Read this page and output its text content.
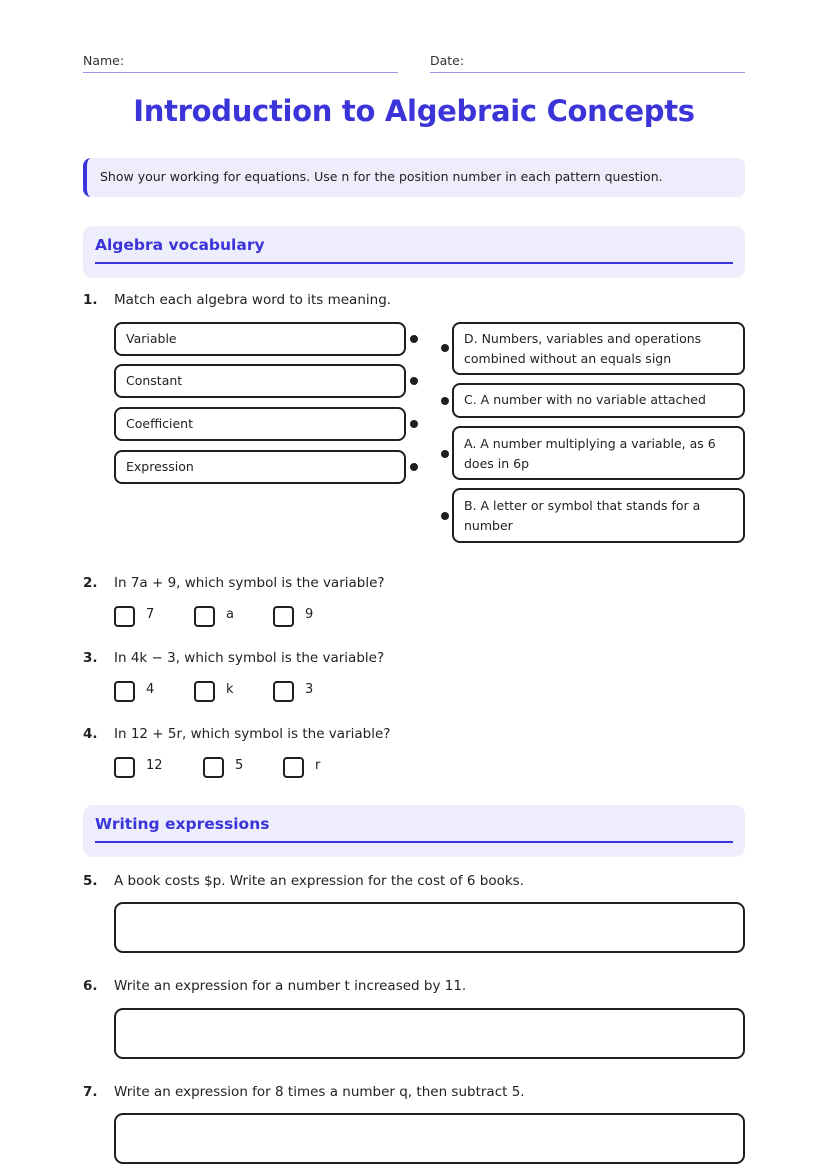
Name:	Date:
Introduction to Algebraic Concepts
Show your working for equations. Use n for the position number in each pattern question.
Algebra vocabulary
1. Match each algebra word to its meaning.
Variable
Constant
Coefficient
Expression
D. Numbers, variables and operations
combined without an equals sign
C. A number with no variable attached
A. A number multiplying a variable, as 6
does in 6p
B. A letter or symbol that stands for a
number
2. In 7a + 9, which symbol is the variable?
7	a	9
3. In 4k − 3, which symbol is the variable?
4	k	3
4. In 12 + 5r, which symbol is the variable?
12	5	r
Writing expressions
5. A book costs $p. Write an expression for the cost of 6 books.
6. Write an expression for a number t increased by 11.
7. Write an expression for 8 times a number q, then subtract 5.
